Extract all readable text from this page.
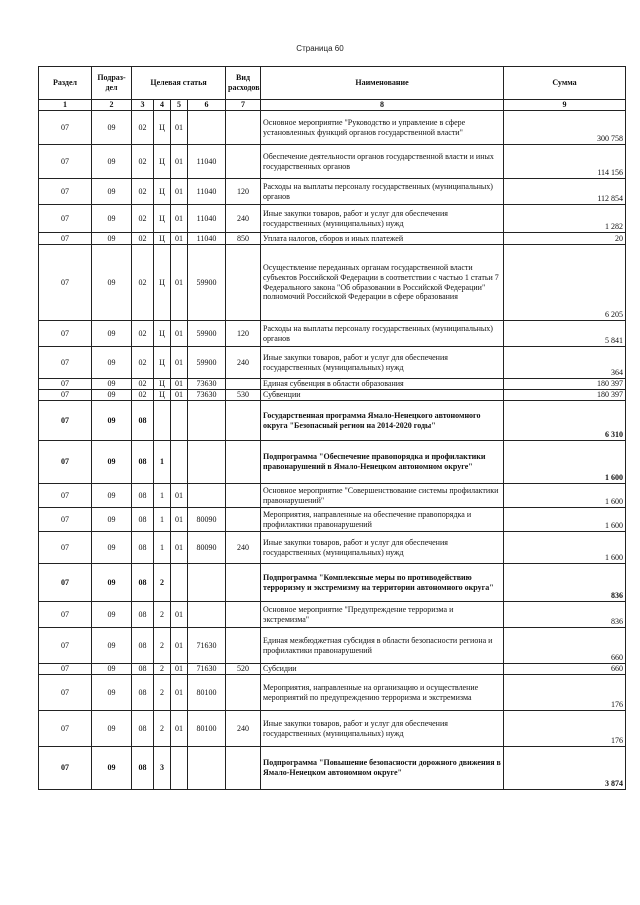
Страница 60
Раздел	Подраз-
дел	Целевая статья				Вид расходов	Наименование	Сумма
1	2	3	4	5	6	7	8	9
07	09	02	Ц	01			Основное мероприятие "Руководство и управление в сфере установленных функций органов государственной власти"	300 758
07	09	02	Ц	01	11040		Обеспечение деятельности органов государственной власти и иных государственных органов	114 156
07	09	02	Ц	01	11040	120	Расходы на выплаты персоналу государственных (муниципальных) органов	112 854
07	09	02	Ц	01	11040	240	Иные закупки товаров, работ и услуг для обеспечения государственных (муниципальных) нужд	1 282
07	09	02	Ц	01	11040	850	Уплата налогов, сборов и иных платежей	20
07	09	02	Ц	01	59900		Осуществление переданных органам государственной власти субъектов Российской Федерации в соответствии с частью 1 статьи 7 Федерального закона "Об образовании в Российской Федерации" полномочий Российской Федерации в сфере образования	6 205
07	09	02	Ц	01	59900	120	Расходы на выплаты персоналу государственных (муниципальных) органов	5 841
07	09	02	Ц	01	59900	240	Иные закупки товаров, работ и услуг для обеспечения государственных (муниципальных) нужд	364
07	09	02	Ц	01	73630		Единая субвенция в области образования	180 397
07	09	02	Ц	01	73630	530	Субвенции	180 397
07	09	08					Государственная программа Ямало-Ненецкого автономного округа "Безопасный регион на 2014-2020 годы"	6 310
07	09	08	1				Подпрограмма "Обеспечение правопорядка и профилактики правонарушений в Ямало-Ненецком автономном округе"	1 600
07	09	08	1	01			Основное мероприятие "Совершенствование системы профилактики правонарушений"	1 600
07	09	08	1	01	80090		Мероприятия, направленные на обеспечение правопорядка и профилактики правонарушений	1 600
07	09	08	1	01	80090	240	Иные закупки товаров, работ и услуг для обеспечения государственных (муниципальных) нужд	1 600
07	09	08	2				Подпрограмма "Комплексные меры по противодействию терроризму и экстремизму на территории автономного округа"	836
07	09	08	2	01			Основное мероприятие "Предупреждение терроризма и экстремизма"	836
07	09	08	2	01	71630		Единая межбюджетная субсидия в области безопасности региона и профилактики правонарушений	660
07	09	08	2	01	71630	520	Субсидии	660
07	09	08	2	01	80100		Мероприятия, направленные на организацию и осуществление мероприятий по предупреждению терроризма и экстремизма	176
07	09	08	2	01	80100	240	Иные закупки товаров, работ и услуг для обеспечения государственных (муниципальных) нужд	176
07	09	08	3				Подпрограмма "Повышение безопасности дорожного движения в Ямало-Ненецком автономном округе"	3 874
